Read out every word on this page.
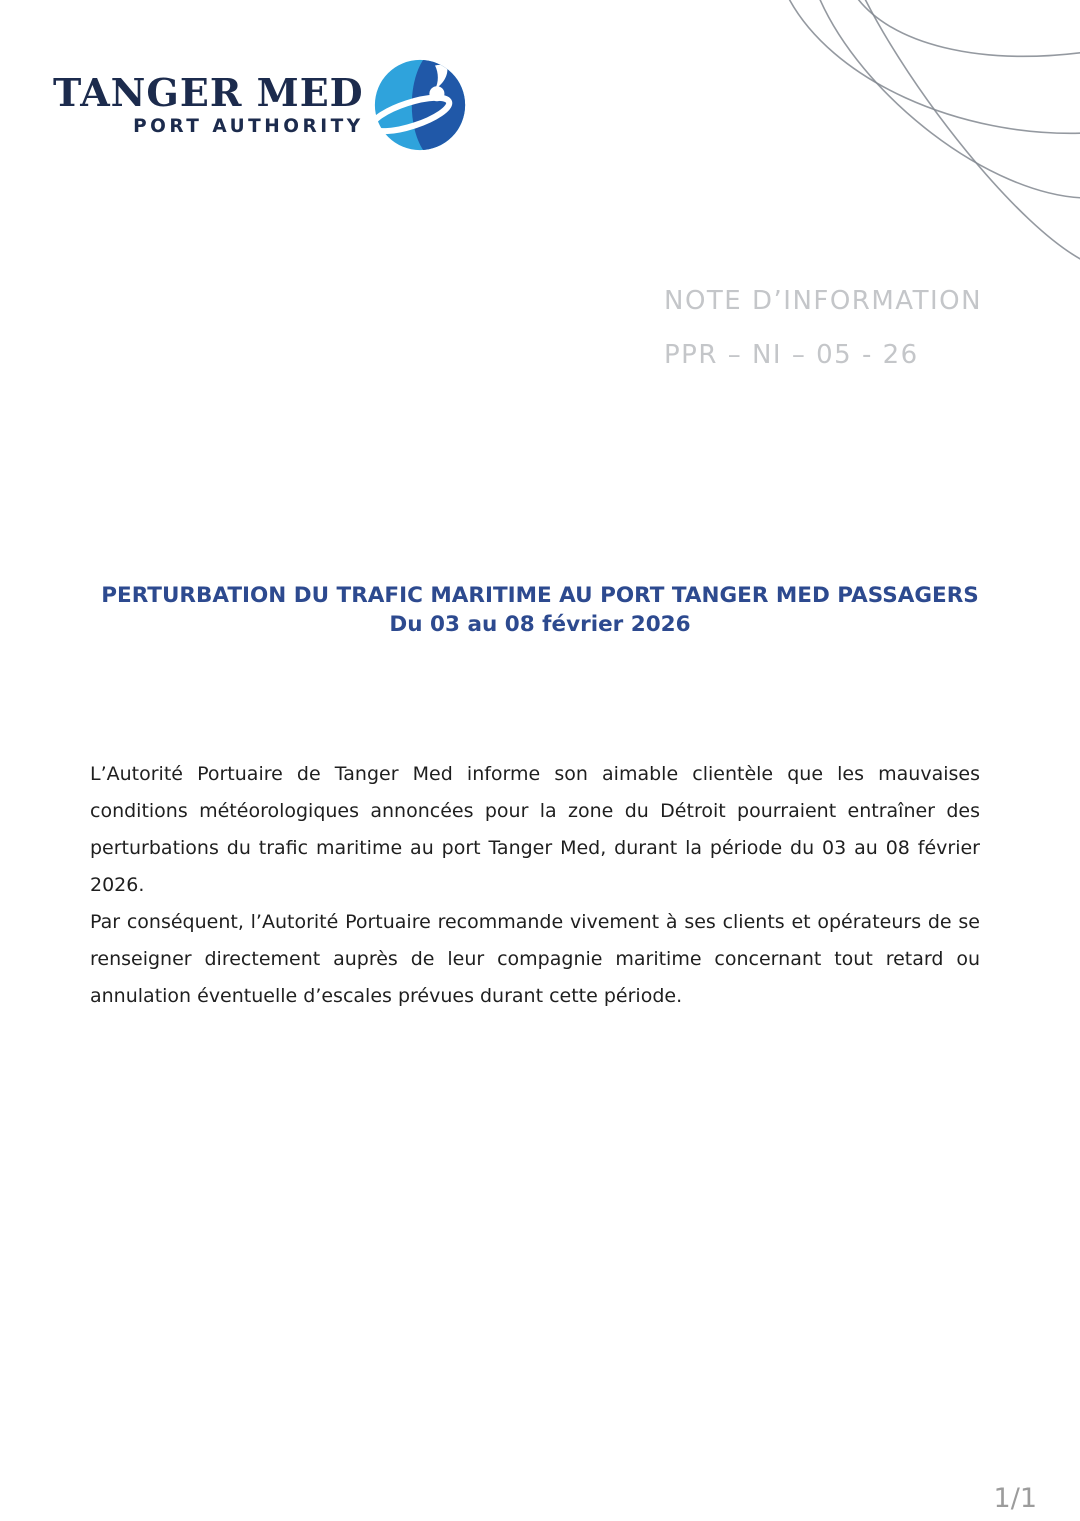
TANGER MED
PORT AUTHORITY
NOTE D’INFORMATION
PPR – NI – 05 - 26
PERTURBATION DU TRAFIC MARITIME AU PORT TANGER MED PASSAGERS
Du 03 au 08 février 2026

L’Autorité Portuaire de Tanger Med informe son aimable clientèle que les mauvaises conditions météorologiques annoncées pour la zone du Détroit pourraient entraîner des perturbations du trafic maritime au port Tanger Med, durant la période du 03 au 08 février 2026.

Par conséquent, l’Autorité Portuaire recommande vivement à ses clients et opérateurs de se renseigner directement auprès de leur compagnie maritime concernant tout retard ou annulation éventuelle d’escales prévues durant cette période.

1/1
